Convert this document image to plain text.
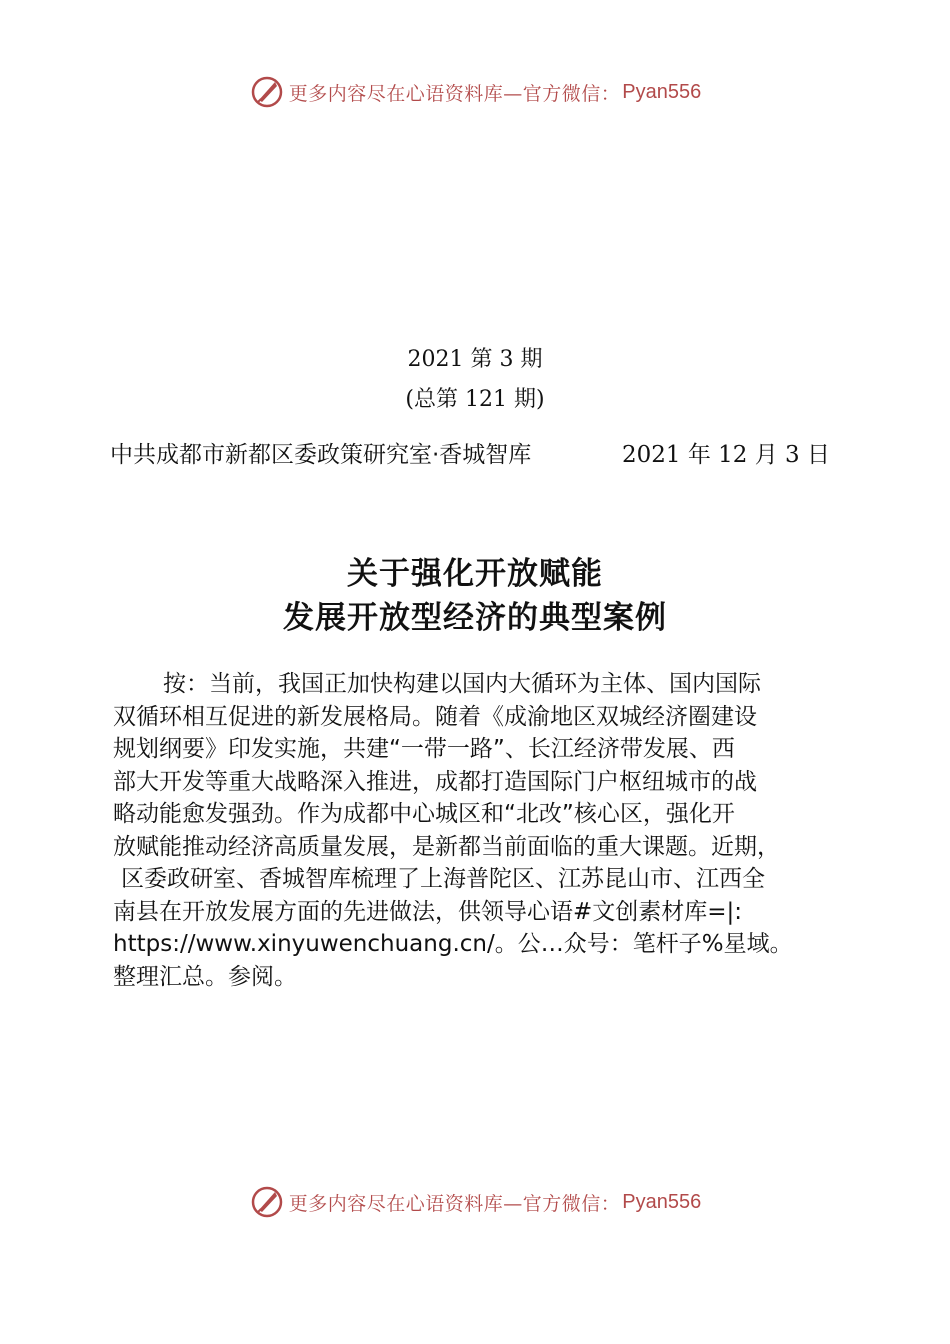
更多内容尽在心语资料库—官方微信： Pyan556
2021 第 3 期
(总第 121 期)
中共成都市新都区委政策研究室·香城智库	2021 年 12 月 3 日
关于强化开放赋能
发展开放型经济的典型案例
按：当前，我国正加快构建以国内大循环为主体、国内国际
双循环相互促进的新发展格局。随着《成渝地区双城经济圈建设
规划纲要》印发实施，共建“一带一路”、长江经济带发展、西
部大开发等重大战略深入推进，成都打造国际门户枢纽城市的战
略动能愈发强劲。作为成都中心城区和“北改”核心区，强化开
放赋能推动经济高质量发展，是新都当前面临的重大课题。近期，
区委政研室、香城智库梳理了上海普陀区、江苏昆山市、江西全
南县在开放发展方面的先进做法，供领导心语#文创素材库=|:
https://www.xinyuwenchuang.cn/。公…众号：笔杆子%星域。
整理汇总。参阅。
更多内容尽在心语资料库—官方微信： Pyan556
